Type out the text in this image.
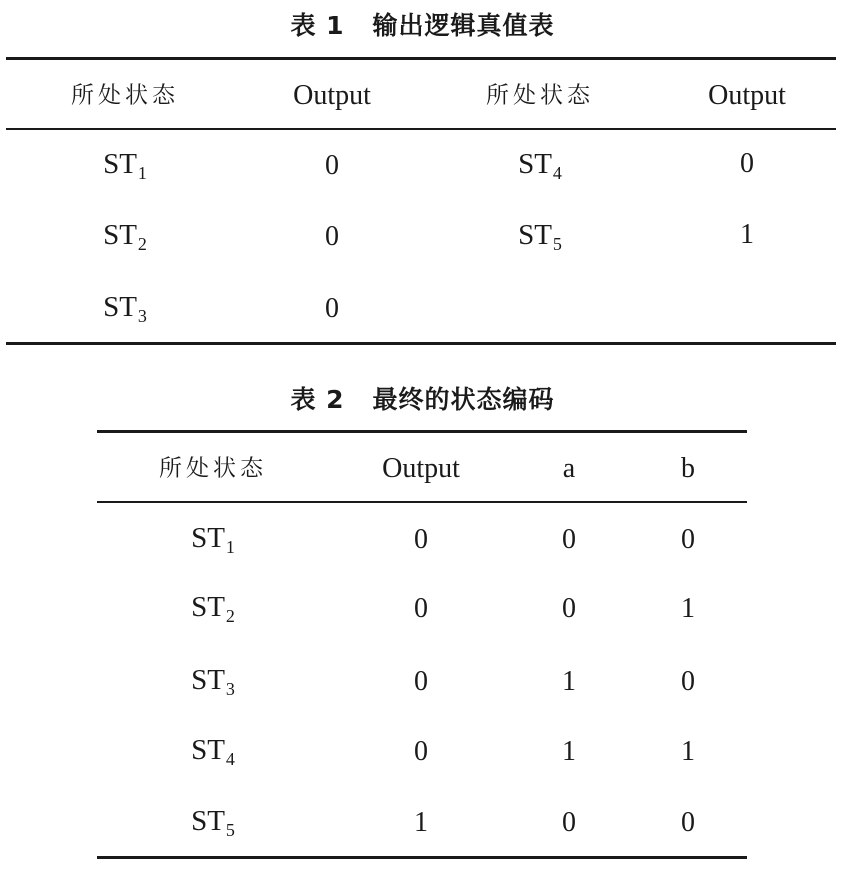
表 1 输出逻辑真值表
所处状态	Output	所处状态	Output
$ST_1$	0	$ST_4$	0
$ST_2$	0	$ST_5$	1
$ST_3$	0
表 2 最终的状态编码
所处状态	Output	a	b
$ST_1$	0	0	0
$ST_2$	0	0	1
$ST_3$	0	1	0
$ST_4$	0	1	1
$ST_5$	1	0	0
